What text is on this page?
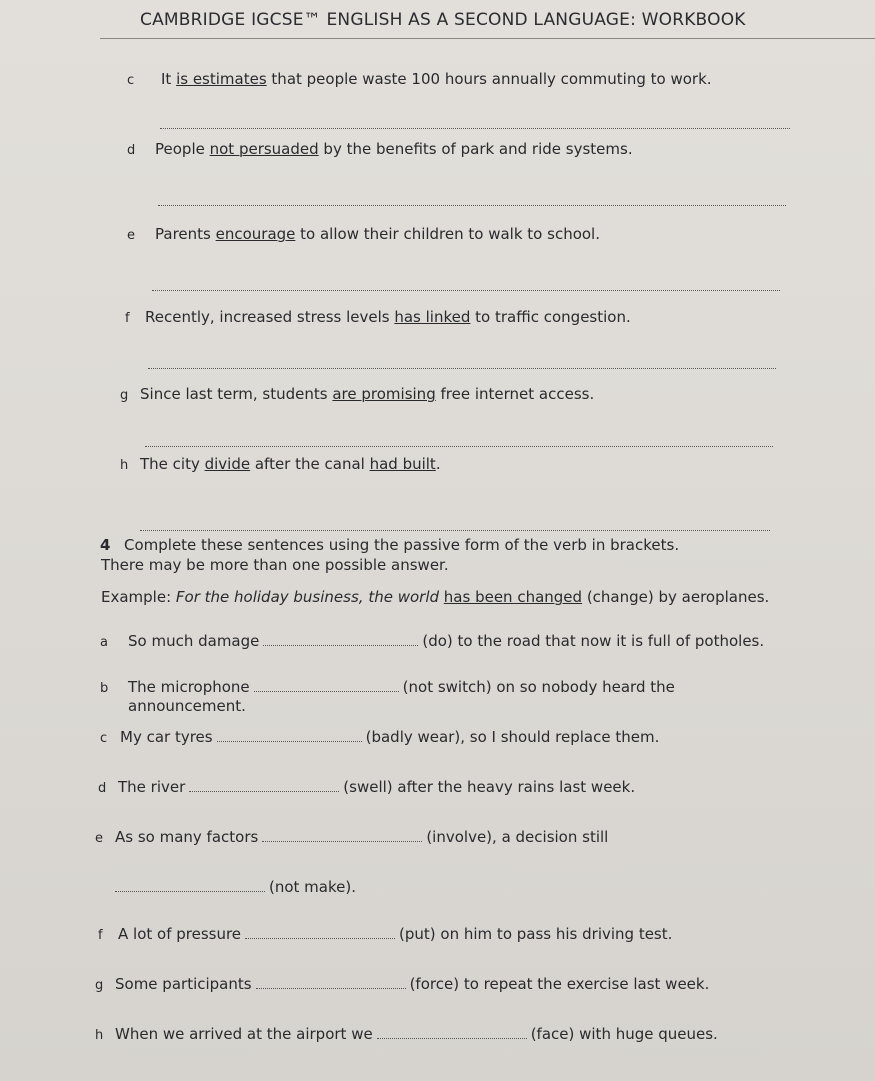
CAMBRIDGE IGCSE™ ENGLISH AS A SECOND LANGUAGE: WORKBOOK
c It is estimates that people waste 100 hours annually commuting to work.
d People not persuaded by the benefits of park and ride systems.
e Parents encourage to allow their children to walk to school.
f Recently, increased stress levels has linked to traffic congestion.
g Since last term, students are promising free internet access.
h The city divide after the canal had built.
4 Complete these sentences using the passive form of the verb in brackets.
There may be more than one possible answer.
Example: For the holiday business, the world has been changed (change) by aeroplanes.
a So much damage	(do) to the road that now it is full of potholes.
b The microphone	(not switch) on so nobody heard the
announcement.
c My car tyres	(badly wear), so I should replace them.
d The river	(swell) after the heavy rains last week.
e As so many factors	(involve), a decision still
(not make).
f A lot of pressure	(put) on him to pass his driving test.
g Some participants	(force) to repeat the exercise last week.
h When we arrived at the airport we	(face) with huge queues.
